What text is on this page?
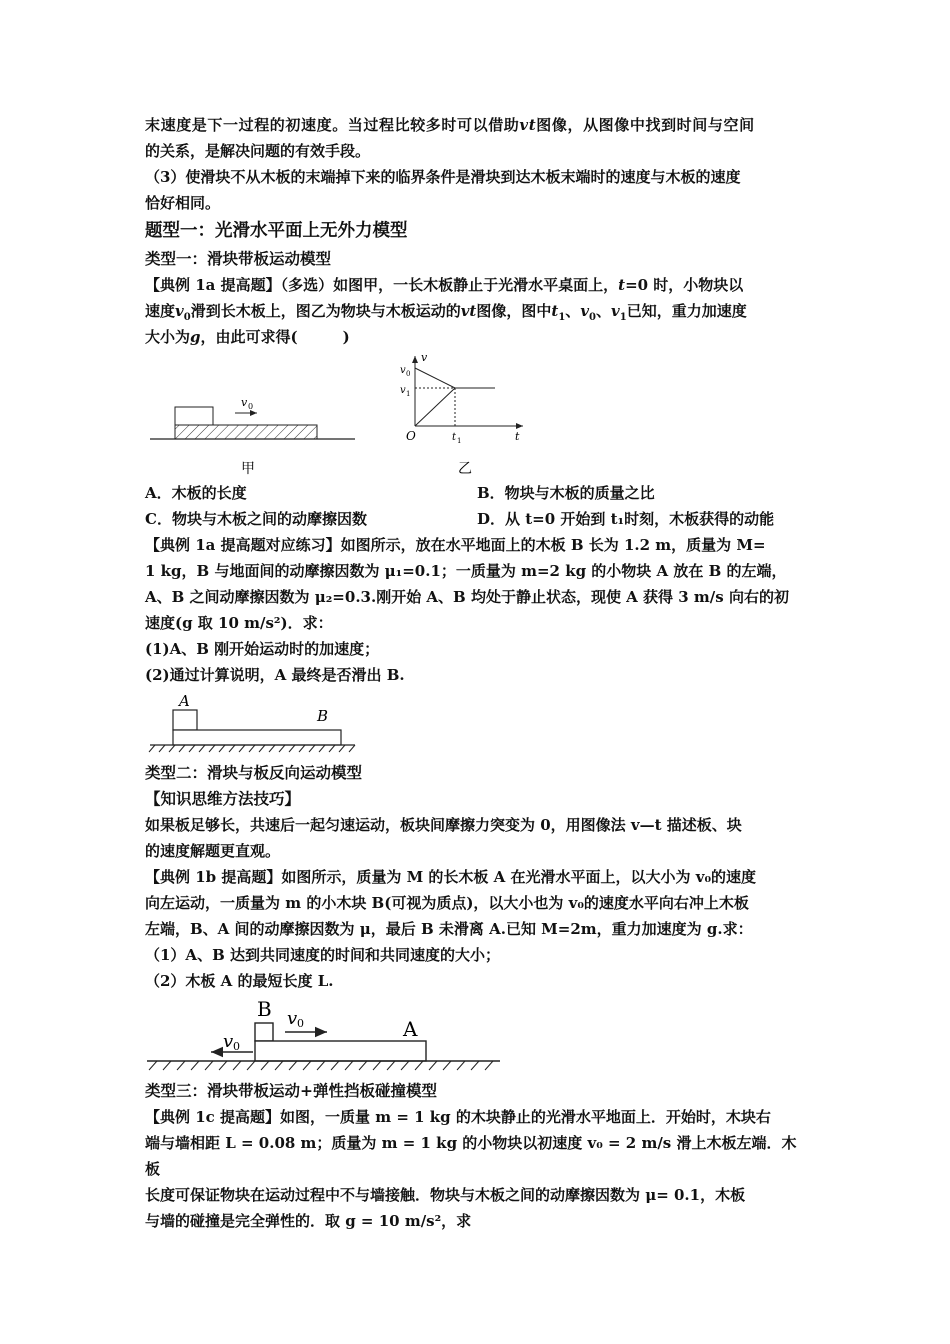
末速度是下一过程的初速度。当过程比较多时可以借助vt图像，从图像中找到时间与空间

的关系，是解决问题的有效手段。

（3）使滑块不从木板的末端掉下来的临界条件是滑块到达木板末端时的速度与木板的速度

恰好相同。

题型一：光滑水平面上无外力模型

类型一：滑块带板运动模型

【典例 1a 提高题】（多选）如图甲，一长木板静止于光滑水平桌面上，t=0 时，小物块以

速度$v_0$滑到长木板上，图乙为物块与木板运动的vt图像，图中$t_1$、$v_0$、$v_1$已知，重力加速度

大小为g，由此可求得(　　　)

v 0
甲
v
t
O
v 0
v 1
t 1
乙
A．木板的长度	B．物块与木板的质量之比
C．物块与木板之间的动摩擦因数	D．从 t=0 开始到 t₁时刻，木板获得的动能

【典例 1a 提高题对应练习】如图所示，放在水平地面上的木板 B 长为 1.2 m，质量为 M=

1 kg，B 与地面间的动摩擦因数为 μ₁=0.1；一质量为 m=2 kg 的小物块 A 放在 B 的左端，

A、B 之间动摩擦因数为 μ₂=0.3.刚开始 A、B 均处于静止状态，现使 A 获得 3 m/s 向右的初

速度(g 取 10 m/s²)．求：

(1)A、B 刚开始运动时的加速度；

(2)通过计算说明，A 最终是否滑出 B.

A
B

类型二：滑块与板反向运动模型

【知识思维方法技巧】

如果板足够长，共速后一起匀速运动，板块间摩擦力突变为 0，用图像法 v—t 描述板、块

的速度解题更直观。

【典例 1b 提高题】如图所示，质量为 M 的长木板 A 在光滑水平面上，以大小为 v₀的速度

向左运动，一质量为 m 的小木块 B(可视为质点)，以大小也为 v₀的速度水平向右冲上木板

左端，B、A 间的动摩擦因数为 μ，最后 B 未滑离 A.已知 M=2m，重力加速度为 g.求：

（1）A、B 达到共同速度的时间和共同速度的大小；

（2）木板 A 的最短长度 L.

B
A
v 0
v 0

类型三：滑块带板运动+弹性挡板碰撞模型

【典例 1c 提高题】如图，一质量 m = 1 kg 的木块静止的光滑水平地面上．开始时，木块右

端与墙相距 L = 0.08 m；质量为 m = 1 kg 的小物块以初速度 v₀ = 2 m/s 滑上木板左端．木板

长度可保证物块在运动过程中不与墙接触．物块与木板之间的动摩擦因数为 μ= 0.1，木板

与墙的碰撞是完全弹性的．取 g = 10 m/s²，求
